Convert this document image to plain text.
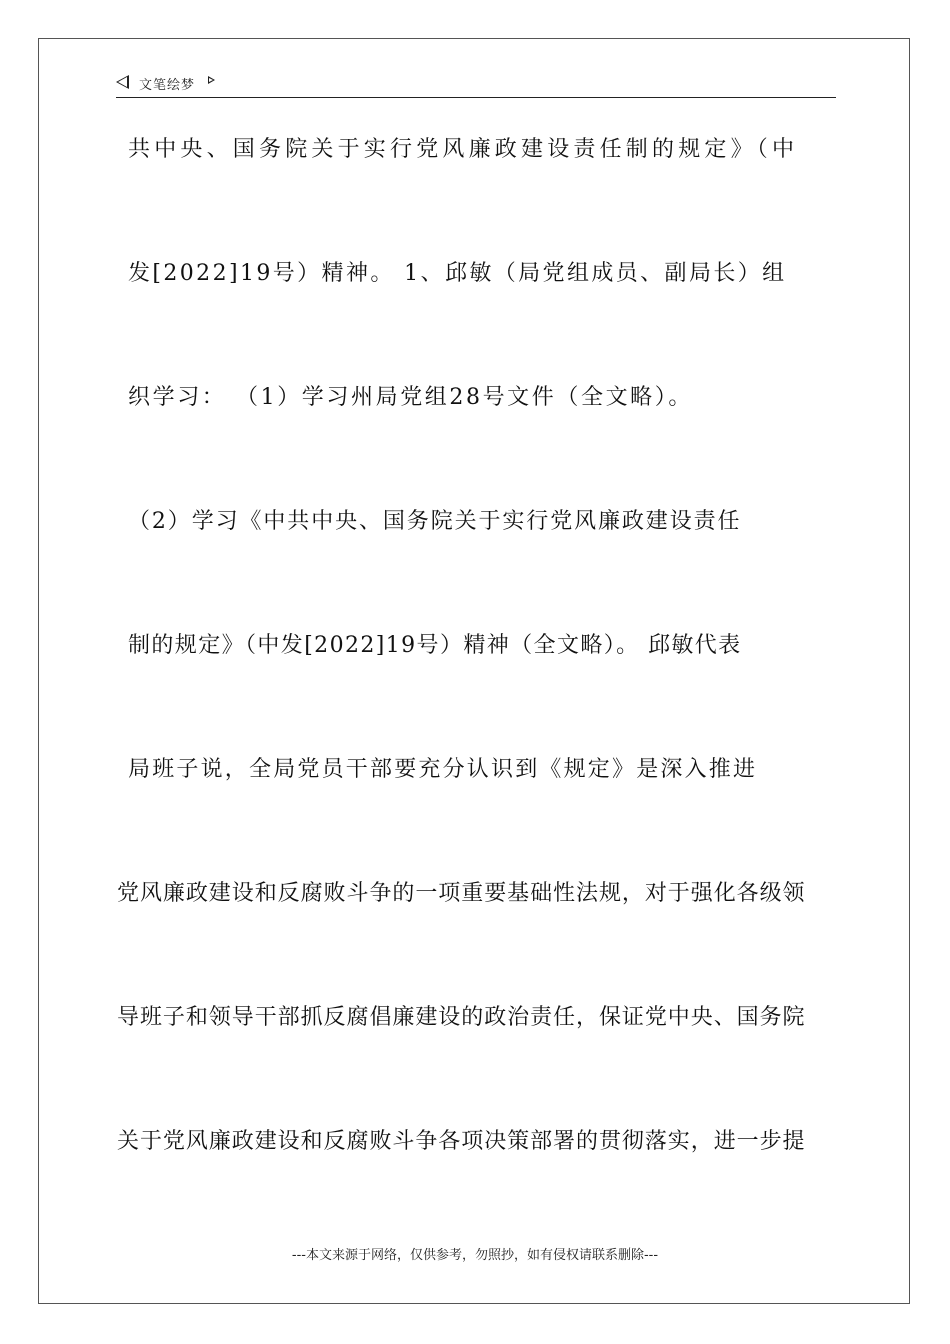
文笔绘梦
共中央、国务院关于实行党风廉政建设责任制的规定》（中
发[2022]19号）精神。 1、邱敏（局党组成员、副局长）组
织学习： （1）学习州局党组28号文件（全文略）。
（2）学习《中共中央、国务院关于实行党风廉政建设责任
制的规定》（中发[2022]19号）精神（全文略）。 邱敏代表
局班子说，全局党员干部要充分认识到《规定》是深入推进
党风廉政建设和反腐败斗争的一项重要基础性法规，对于强化各级领
导班子和领导干部抓反腐倡廉建设的政治责任，保证党中央、国务院
关于党风廉政建设和反腐败斗争各项决策部署的贯彻落实，进一步提
---本文来源于网络，仅供参考，勿照抄，如有侵权请联系删除---
